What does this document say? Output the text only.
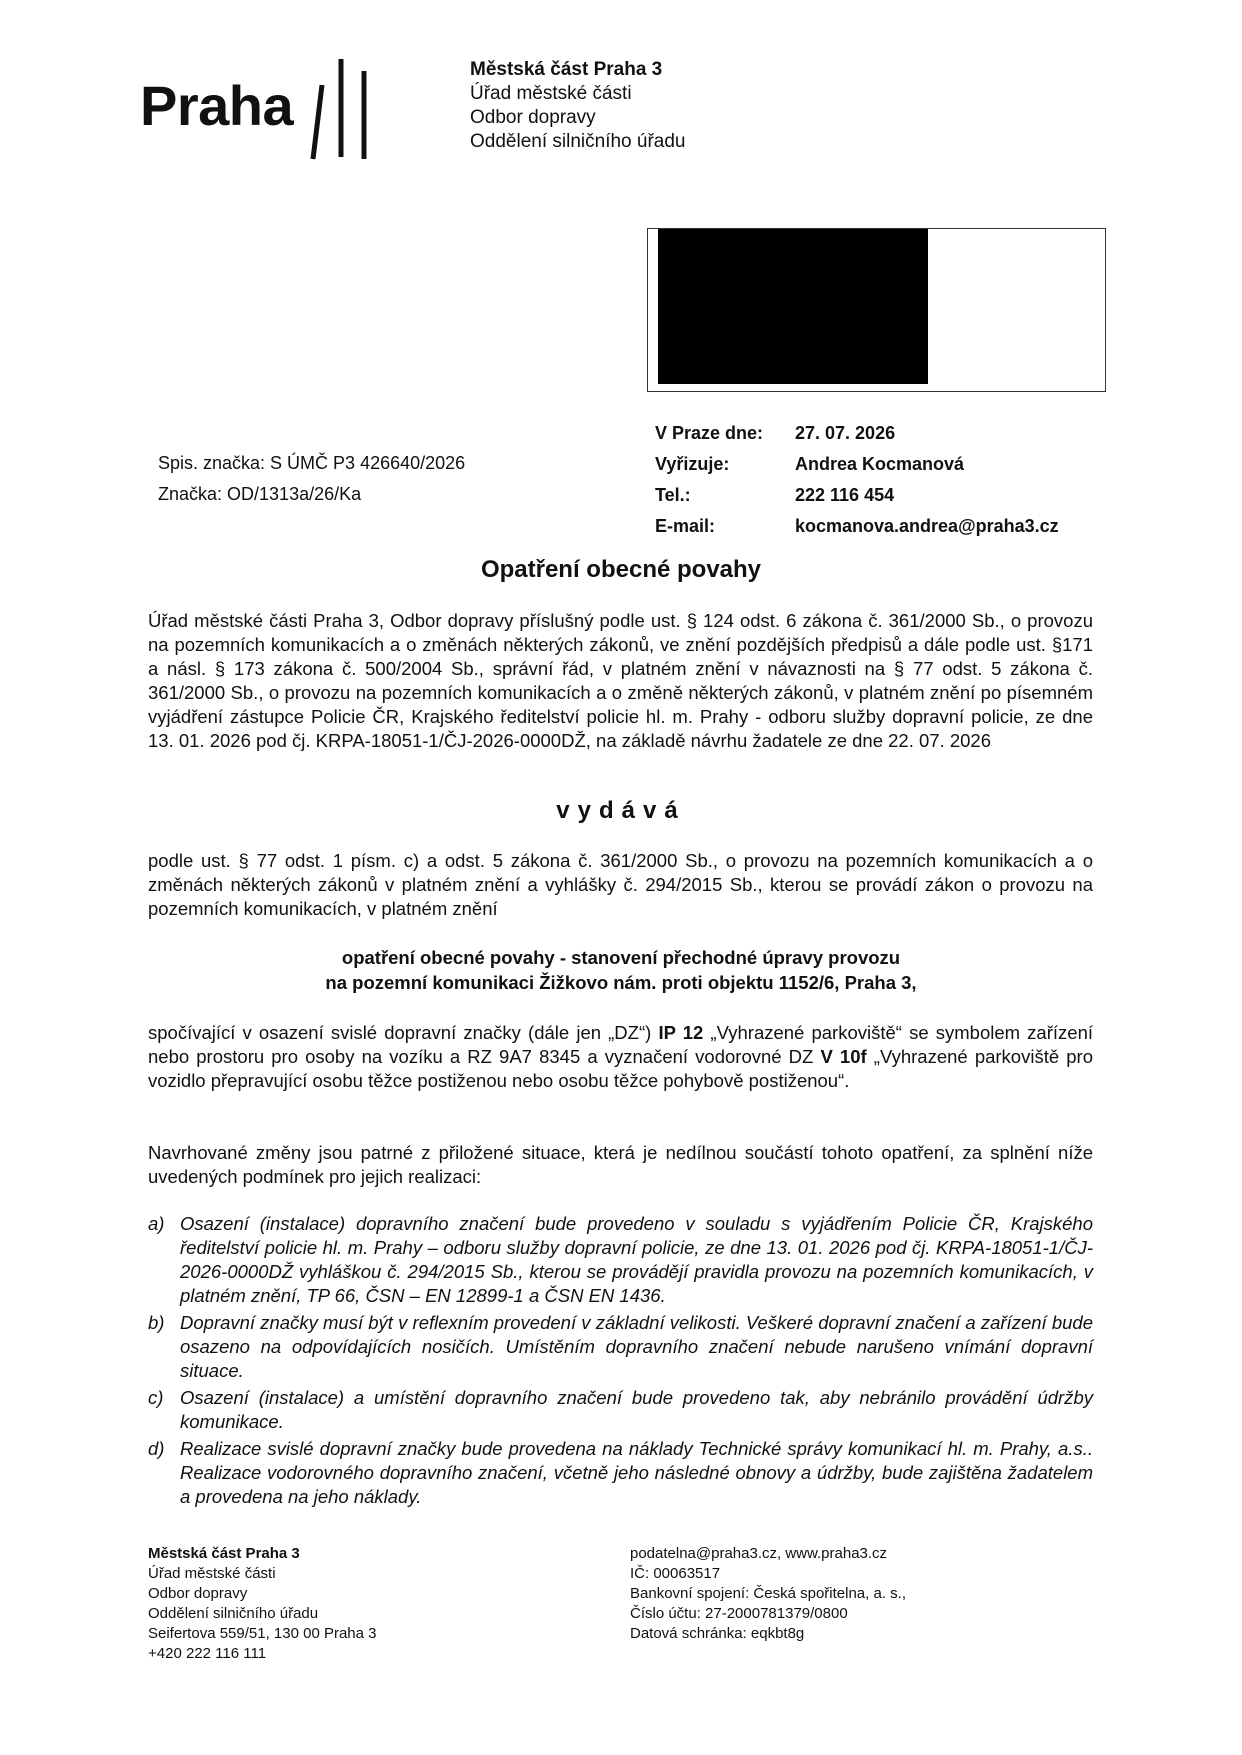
Praha
Městská část Praha 3
Úřad městské části
Odbor dopravy
Oddělení silničního úřadu
Spis. značka: S ÚMČ P3 426640/2026
Značka: OD/1313a/26/Ka
V Praze dne:	27. 07. 2026
Vyřizuje:	Andrea Kocmanová
Tel.:	222 116 454
E-mail:	kocmanova.andrea@praha3.cz
Opatření obecné povahy
Úřad městské části Praha 3, Odbor dopravy příslušný podle ust. § 124 odst. 6 zákona č. 361/2000 Sb., o provozu na pozemních komunikacích a o změnách některých zákonů, ve znění pozdějších předpisů a dále podle ust. §171 a násl. § 173 zákona č. 500/2004 Sb., správní řád, v platném znění v návaznosti na § 77 odst. 5 zákona č. 361/2000 Sb., o provozu na pozemních komunikacích a o změně některých zákonů, v platném znění po písemném vyjádření zástupce Policie ČR, Krajského ředitelství policie hl. m. Prahy - odboru služby dopravní policie, ze dne 13. 01. 2026 pod čj. KRPA-18051-1/ČJ-2026-0000DŽ, na základě návrhu žadatele ze dne 22. 07. 2026
vydává
podle ust. § 77 odst. 1 písm. c) a odst. 5 zákona č. 361/2000 Sb., o provozu na pozemních komunikacích a o změnách některých zákonů v platném znění a vyhlášky č. 294/2015 Sb., kterou se provádí zákon o provozu na pozemních komunikacích, v platném znění
opatření obecné povahy - stanovení přechodné úpravy provozu
na pozemní komunikaci Žižkovo nám. proti objektu 1152/6, Praha 3,
spočívající v osazení svislé dopravní značky (dále jen „DZ“) IP 12 „Vyhrazené parkoviště“ se symbolem zařízení nebo prostoru pro osoby na vozíku a RZ 9A7 8345 a vyznačení vodorovné DZ V 10f „Vyhrazené parkoviště pro vozidlo přepravující osobu těžce postiženou nebo osobu těžce pohybově postiženou“.
Navrhované změny jsou patrné z přiložené situace, která je nedílnou součástí tohoto opatření, za splnění níže uvedených podmínek pro jejich realizaci:
a) Osazení (instalace) dopravního značení bude provedeno v souladu s vyjádřením Policie ČR, Krajského ředitelství policie hl. m. Prahy – odboru služby dopravní policie, ze dne 13. 01. 2026 pod čj. KRPA-18051-1/ČJ-2026-0000DŽ vyhláškou č. 294/2015 Sb., kterou se provádějí pravidla provozu na pozemních komunikacích, v platném znění, TP 66, ČSN – EN 12899-1 a ČSN EN 1436.
b) Dopravní značky musí být v reflexním provedení v základní velikosti. Veškeré dopravní značení a zařízení bude osazeno na odpovídajících nosičích. Umístěním dopravního značení nebude narušeno vnímání dopravní situace.
c) Osazení (instalace) a umístění dopravního značení bude provedeno tak, aby nebránilo provádění údržby komunikace.
d) Realizace svislé dopravní značky bude provedena na náklady Technické správy komunikací hl. m. Prahy, a.s.. Realizace vodorovného dopravního značení, včetně jeho následné obnovy a údržby, bude zajištěna žadatelem a provedena na jeho náklady.
Městská část Praha 3
Úřad městské části
Odbor dopravy
Oddělení silničního úřadu
Seifertova 559/51, 130 00 Praha 3
+420 222 116 111
podatelna@praha3.cz, www.praha3.cz
IČ: 00063517
Bankovní spojení: Česká spořitelna, a. s.,
Číslo účtu: 27-2000781379/0800
Datová schránka: eqkbt8g
